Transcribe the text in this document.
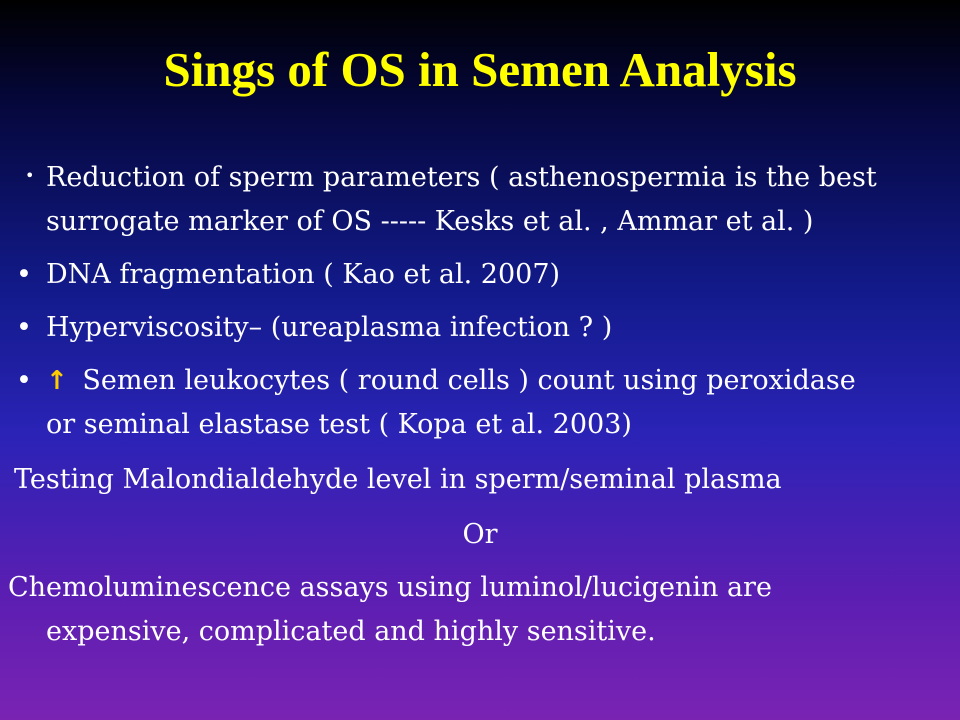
Sings of OS in Semen Analysis
• Reduction of sperm parameters ( asthenospermia is the best
surrogate marker of OS ----- Kesks et al. , Ammar et al. )
• DNA fragmentation ( Kao et al. 2007)
• Hyperviscosity– (ureaplasma infection ? )
• ↑ Semen leukocytes ( round cells ) count using peroxidase
or seminal elastase test ( Kopa et al. 2003)
Testing Malondialdehyde level in sperm/seminal plasma
Or
Chemoluminescence assays using luminol/lucigenin are
expensive, complicated and highly sensitive.
